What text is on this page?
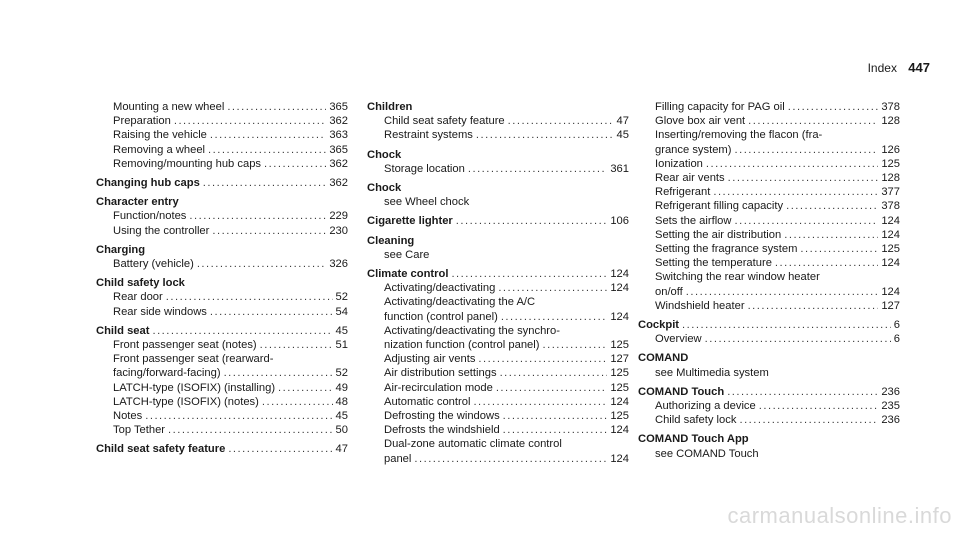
Index 447
Mounting a new wheel .....	365
Preparation .....	362
Raising the vehicle .....	363
Removing a wheel .....	365
Removing/mounting hub caps .....	362
Changing hub caps .....	362
Character entry
Function/notes .....	229
Using the controller .....	230
Charging
Battery (vehicle) .....	326
Child safety lock
Rear door .....	52
Rear side windows .....	54
Child seat .....	45
Front passenger seat (notes) .....	51
Front passenger seat (rearward-
facing/forward-facing) .....	52
LATCH-type (ISOFIX) (installing) .....	49
LATCH-type (ISOFIX) (notes) .....	48
Notes .....	45
Top Tether .....	50
Child seat safety feature .....	47
Children
Child seat safety feature .....	47
Restraint systems .....	45
Chock
Storage location .....	361
Chock
see Wheel chock
Cigarette lighter .....	106
Cleaning
see Care
Climate control .....	124
Activating/deactivating .....	124
Activating/deactivating the A/C
function (control panel) .....	124
Activating/deactivating the synchro-
nization function (control panel) .....	125
Adjusting air vents .....	127
Air distribution settings .....	125
Air-recirculation mode .....	125
Automatic control .....	124
Defrosting the windows .....	125
Defrosts the windshield .....	124
Dual-zone automatic climate control
panel .....	124
Filling capacity for PAG oil .....	378
Glove box air vent .....	128
Inserting/removing the flacon (fra-
grance system) .....	126
Ionization .....	125
Rear air vents .....	128
Refrigerant .....	377
Refrigerant filling capacity .....	378
Sets the airflow .....	124
Setting the air distribution .....	124
Setting the fragrance system .....	125
Setting the temperature .....	124
Switching the rear window heater
on/off .....	124
Windshield heater .....	127
Cockpit .....	6
Overview .....	6
COMAND
see Multimedia system
COMAND Touch .....	236
Authorizing a device .....	235
Child safety lock .....	236
COMAND Touch App
see COMAND Touch
carmanualsonline.info
